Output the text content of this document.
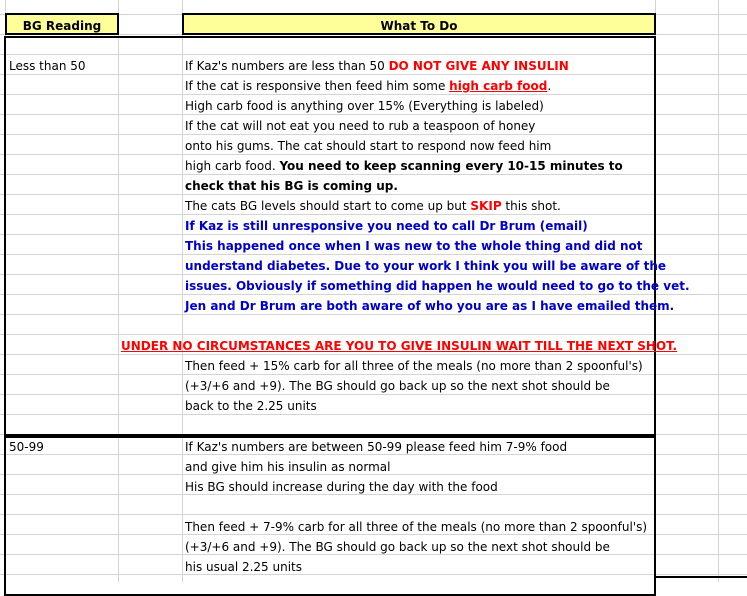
BG Reading	What To Do
Less than 50	If Kaz's numbers are less than 50 DO NOT GIVE ANY INSULIN
If the cat is responsive then feed him some high carb food.
High carb food is anything over 15% (Everything is labeled)
If the cat will not eat you need to rub a teaspoon of honey
onto his gums. The cat should start to respond now feed him
high carb food. You need to keep scanning every 10-15 minutes to
check that his BG is coming up.
The cats BG levels should start to come up but SKIP this shot.
If Kaz is still unresponsive you need to call Dr Brum (email)
This happened once when I was new to the whole thing and did not
understand diabetes. Due to your work I think you will be aware of the
issues. Obviously if something did happen he would need to go to the vet.
Jen and Dr Brum are both aware of who you are as I have emailed them.
UNDER NO CIRCUMSTANCES ARE YOU TO GIVE INSULIN WAIT TILL THE NEXT SHOT.
Then feed + 15% carb for all three of the meals (no more than 2 spoonful's)
(+3/+6 and +9). The BG should go back up so the next shot should be
back to the 2.25 units
50-99	If Kaz's numbers are between 50-99 please feed him 7-9% food
and give him his insulin as normal
His BG should increase during the day with the food
Then feed + 7-9% carb for all three of the meals (no more than 2 spoonful's)
(+3/+6 and +9). The BG should go back up so the next shot should be
his usual 2.25 units
